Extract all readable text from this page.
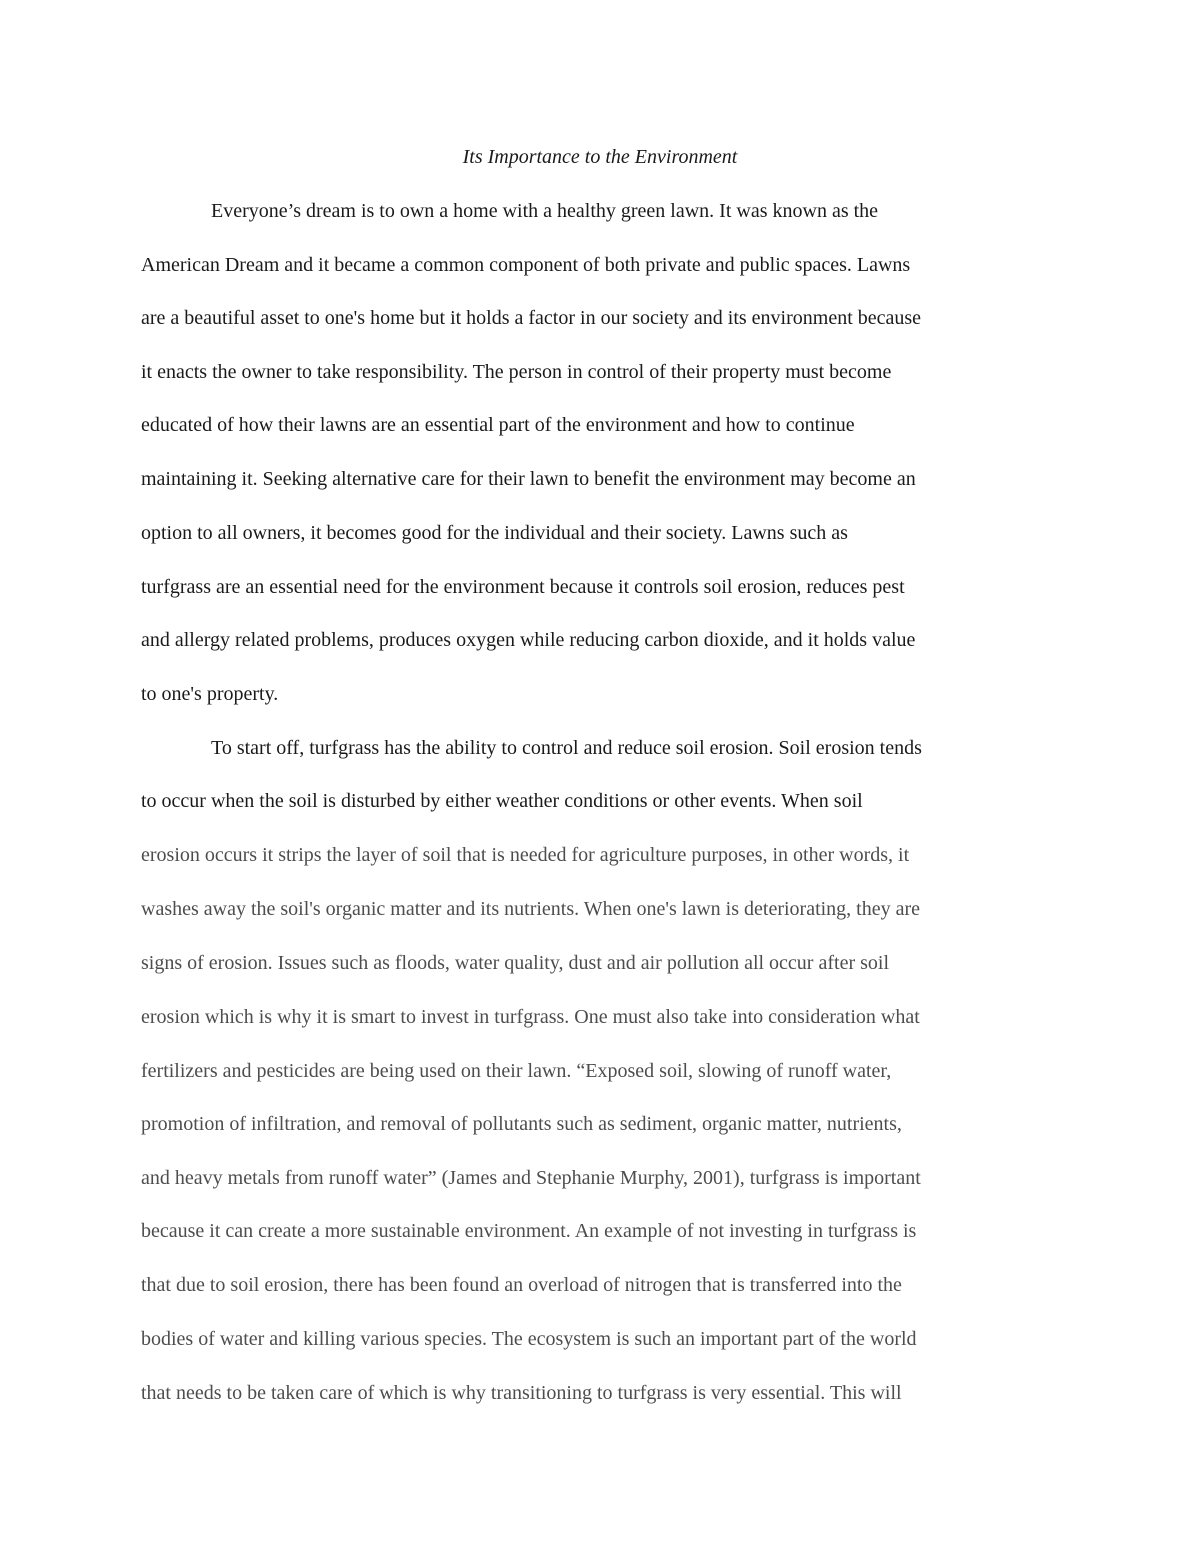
Its Importance to the Environment
Everyone’s dream is to own a home with a healthy green lawn. It was known as the
American Dream and it became a common component of both private and public spaces. Lawns
are a beautiful asset to one's home but it holds a factor in our society and its environment because
it enacts the owner to take responsibility. The person in control of their property must become
educated of how their lawns are an essential part of the environment and how to continue
maintaining it. Seeking alternative care for their lawn to benefit the environment may become an
option to all owners, it becomes good for the individual and their society. Lawns such as
turfgrass are an essential need for the environment because it controls soil erosion, reduces pest
and allergy related problems, produces oxygen while reducing carbon dioxide, and it holds value
to one's property.
To start off, turfgrass has the ability to control and reduce soil erosion. Soil erosion tends
to occur when the soil is disturbed by either weather conditions or other events. When soil
erosion occurs it strips the layer of soil that is needed for agriculture purposes, in other words, it
washes away the soil's organic matter and its nutrients. When one's lawn is deteriorating, they are
signs of erosion. Issues such as floods, water quality, dust and air pollution all occur after soil
erosion which is why it is smart to invest in turfgrass. One must also take into consideration what
fertilizers and pesticides are being used on their lawn. “Exposed soil, slowing of runoff water,
promotion of infiltration, and removal of pollutants such as sediment, organic matter, nutrients,
and heavy metals from runoff water” (James and Stephanie Murphy, 2001), turfgrass is important
because it can create a more sustainable environment. An example of not investing in turfgrass is
that due to soil erosion, there has been found an overload of nitrogen that is transferred into the
bodies of water and killing various species. The ecosystem is such an important part of the world
that needs to be taken care of which is why transitioning to turfgrass is very essential. This will
